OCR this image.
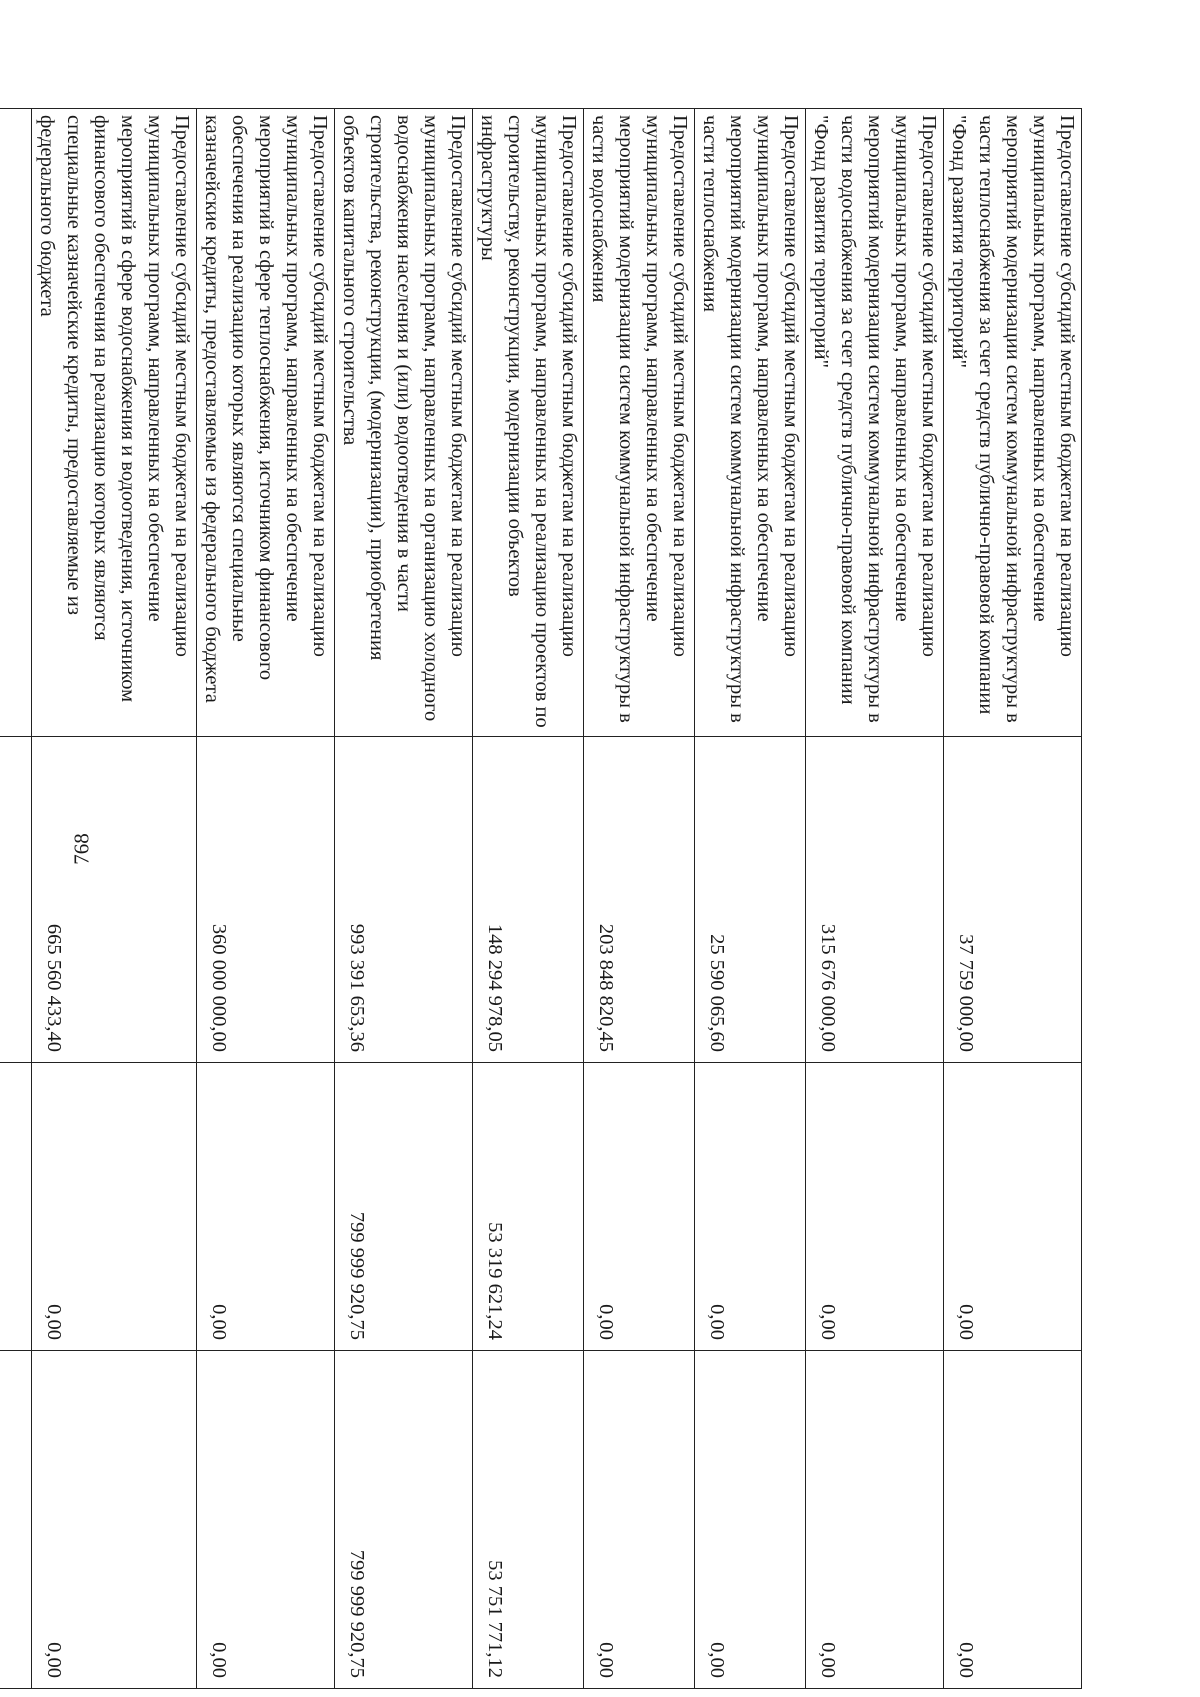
768
Предоставление субсидий местным бюджетам на реализацию муниципальных программ, направленных на обеспечение мероприятий модернизации систем коммунальной инфраструктуры в части теплоснабжения за счет средств публично-правовой компании "Фонд развития территорий"	37 759 000,00	0,00	0,00
Предоставление субсидий местным бюджетам на реализацию муниципальных программ, направленных на обеспечение мероприятий модернизации систем коммунальной инфраструктуры в части водоснабжения за счет средств публично-правовой компании "Фонд развития территорий"	315 676 000,00	0,00	0,00
Предоставление субсидий местным бюджетам на реализацию муниципальных программ, направленных на обеспечение мероприятий модернизации систем коммунальной инфраструктуры в части теплоснабжения	25 590 065,60	0,00	0,00
Предоставление субсидий местным бюджетам на реализацию муниципальных программ, направленных на обеспечение мероприятий модернизации систем коммунальной инфраструктуры в части водоснабжения	203 848 820,45	0,00	0,00
Предоставление субсидий местным бюджетам на реализацию муниципальных программ, направленных на реализацию проектов по строительству, реконструкции, модернизации объектов инфраструктуры	148 294 978,05	53 319 621,24	53 751 771,12
Предоставление субсидий местным бюджетам на реализацию муниципальных программ, направленных на организацию холодного водоснабжения населения и (или) водоотведения в части строительства, реконструкции, (модернизации), приобретения объектов капитального строительства	993 391 653,36	799 999 920,75	799 999 920,75
Предоставление субсидий местным бюджетам на реализацию муниципальных программ, направленных на обеспечение мероприятий в сфере теплоснабжения, источником финансового обеспечения на реализацию которых являются специальные казначейские кредиты, предоставляемые из федерального бюджета	360 000 000,00	0,00	0,00
Предоставление субсидий местным бюджетам на реализацию муниципальных программ, направленных на обеспечение мероприятий в сфере водоснабжения и водоотведения, источником финансового обеспечения на реализацию которых являются специальные казначейские кредиты, предоставляемые из федерального бюджета	665 560 433,40	0,00	0,00
